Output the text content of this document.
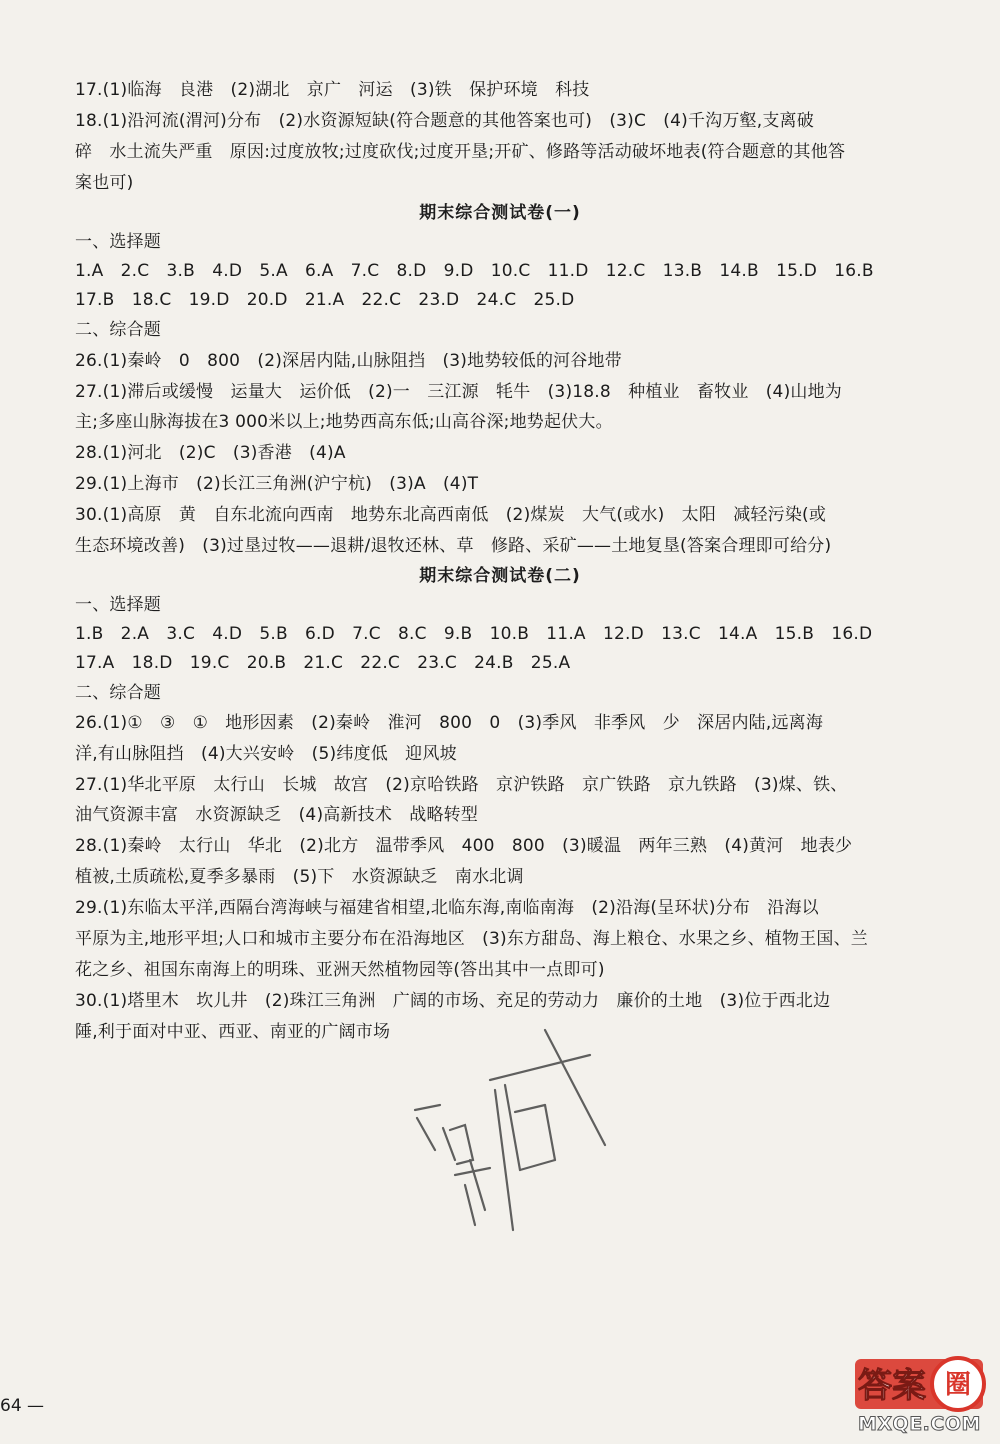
17.(1)临海　良港　(2)湖北　京广　河运　(3)铁　保护环境　科技
18.(1)沿河流(渭河)分布　(2)水资源短缺(符合题意的其他答案也可)　(3)C　(4)千沟万壑,支离破
碎　水土流失严重　原因:过度放牧;过度砍伐;过度开垦;开矿、修路等活动破坏地表(符合题意的其他答
案也可)
期末综合测试卷(一)
一、选择题
1.A　2.C　3.B　4.D　5.A　6.A　7.C　8.D　9.D　10.C　11.D　12.C　13.B　14.B　15.D　16.B
17.B　18.C　19.D　20.D　21.A　22.C　23.D　24.C　25.D
二、综合题
26.(1)秦岭　0　800　(2)深居内陆,山脉阻挡　(3)地势较低的河谷地带
27.(1)滞后或缓慢　运量大　运价低　(2)一　三江源　牦牛　(3)18.8　种植业　畜牧业　(4)山地为
主;多座山脉海拔在3 000米以上;地势西高东低;山高谷深;地势起伏大。
28.(1)河北　(2)C　(3)香港　(4)A
29.(1)上海市　(2)长江三角洲(沪宁杭)　(3)A　(4)T
30.(1)高原　黄　自东北流向西南　地势东北高西南低　(2)煤炭　大气(或水)　太阳　减轻污染(或
生态环境改善)　(3)过垦过牧——退耕/退牧还林、草　修路、采矿——土地复垦(答案合理即可给分)
期末综合测试卷(二)
一、选择题
1.B　2.A　3.C　4.D　5.B　6.D　7.C　8.C　9.B　10.B　11.A　12.D　13.C　14.A　15.B　16.D
17.A　18.D　19.C　20.B　21.C　22.C　23.C　24.B　25.A
二、综合题
26.(1)①　③　①　地形因素　(2)秦岭　淮河　800　0　(3)季风　非季风　少　深居内陆,远离海
洋,有山脉阻挡　(4)大兴安岭　(5)纬度低　迎风坡
27.(1)华北平原　太行山　长城　故宫　(2)京哈铁路　京沪铁路　京广铁路　京九铁路　(3)煤、铁、
油气资源丰富　水资源缺乏　(4)高新技术　战略转型
28.(1)秦岭　太行山　华北　(2)北方　温带季风　400　800　(3)暖温　两年三熟　(4)黄河　地表少
植被,土质疏松,夏季多暴雨　(5)下　水资源缺乏　南水北调
29.(1)东临太平洋,西隔台湾海峡与福建省相望,北临东海,南临南海　(2)沿海(呈环状)分布　沿海以
平原为主,地形平坦;人口和城市主要分布在沿海地区　(3)东方甜岛、海上粮仓、水果之乡、植物王国、兰
花之乡、祖国东南海上的明珠、亚洲天然植物园等(答出其中一点即可)
30.(1)塔里木　坎儿井　(2)珠江三角洲　广阔的市场、充足的劳动力　廉价的土地　(3)位于西北边
陲,利于面对中亚、西亚、南亚的广阔市场
64 —
圈
答案
MXQE.COM
